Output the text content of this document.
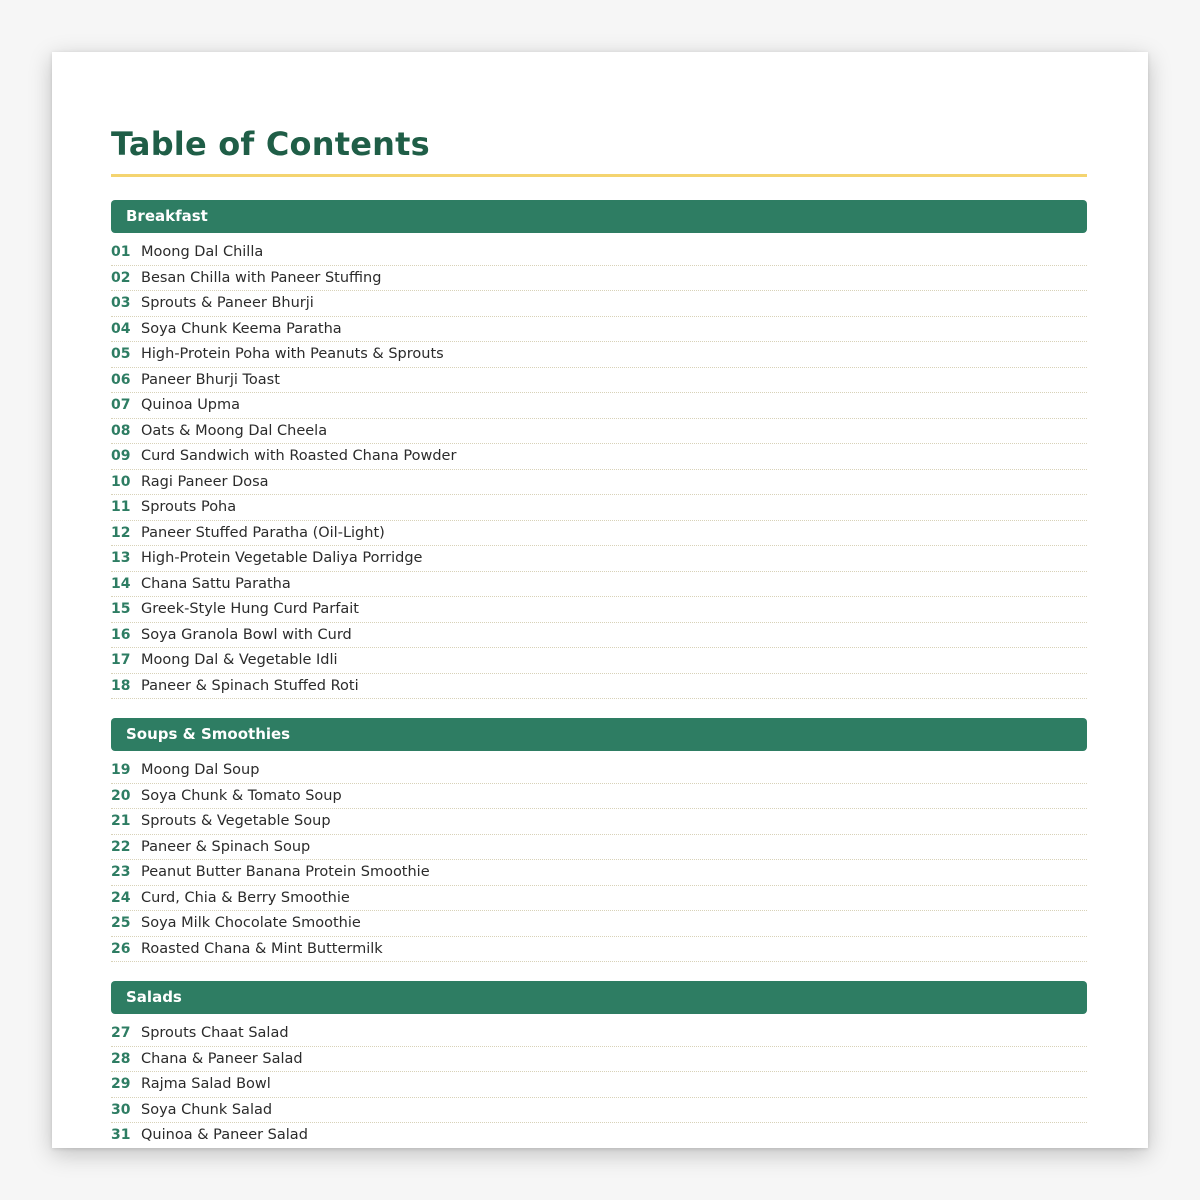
Table of Contents
Breakfast
01 Moong Dal Chilla
02 Besan Chilla with Paneer Stuffing
03 Sprouts & Paneer Bhurji
04 Soya Chunk Keema Paratha
05 High-Protein Poha with Peanuts & Sprouts
06 Paneer Bhurji Toast
07 Quinoa Upma
08 Oats & Moong Dal Cheela
09 Curd Sandwich with Roasted Chana Powder
10 Ragi Paneer Dosa
11 Sprouts Poha
12 Paneer Stuffed Paratha (Oil-Light)
13 High-Protein Vegetable Daliya Porridge
14 Chana Sattu Paratha
15 Greek-Style Hung Curd Parfait
16 Soya Granola Bowl with Curd
17 Moong Dal & Vegetable Idli
18 Paneer & Spinach Stuffed Roti
Soups & Smoothies
19 Moong Dal Soup
20 Soya Chunk & Tomato Soup
21 Sprouts & Vegetable Soup
22 Paneer & Spinach Soup
23 Peanut Butter Banana Protein Smoothie
24 Curd, Chia & Berry Smoothie
25 Soya Milk Chocolate Smoothie
26 Roasted Chana & Mint Buttermilk
Salads
27 Sprouts Chaat Salad
28 Chana & Paneer Salad
29 Rajma Salad Bowl
30 Soya Chunk Salad
31 Quinoa & Paneer Salad
